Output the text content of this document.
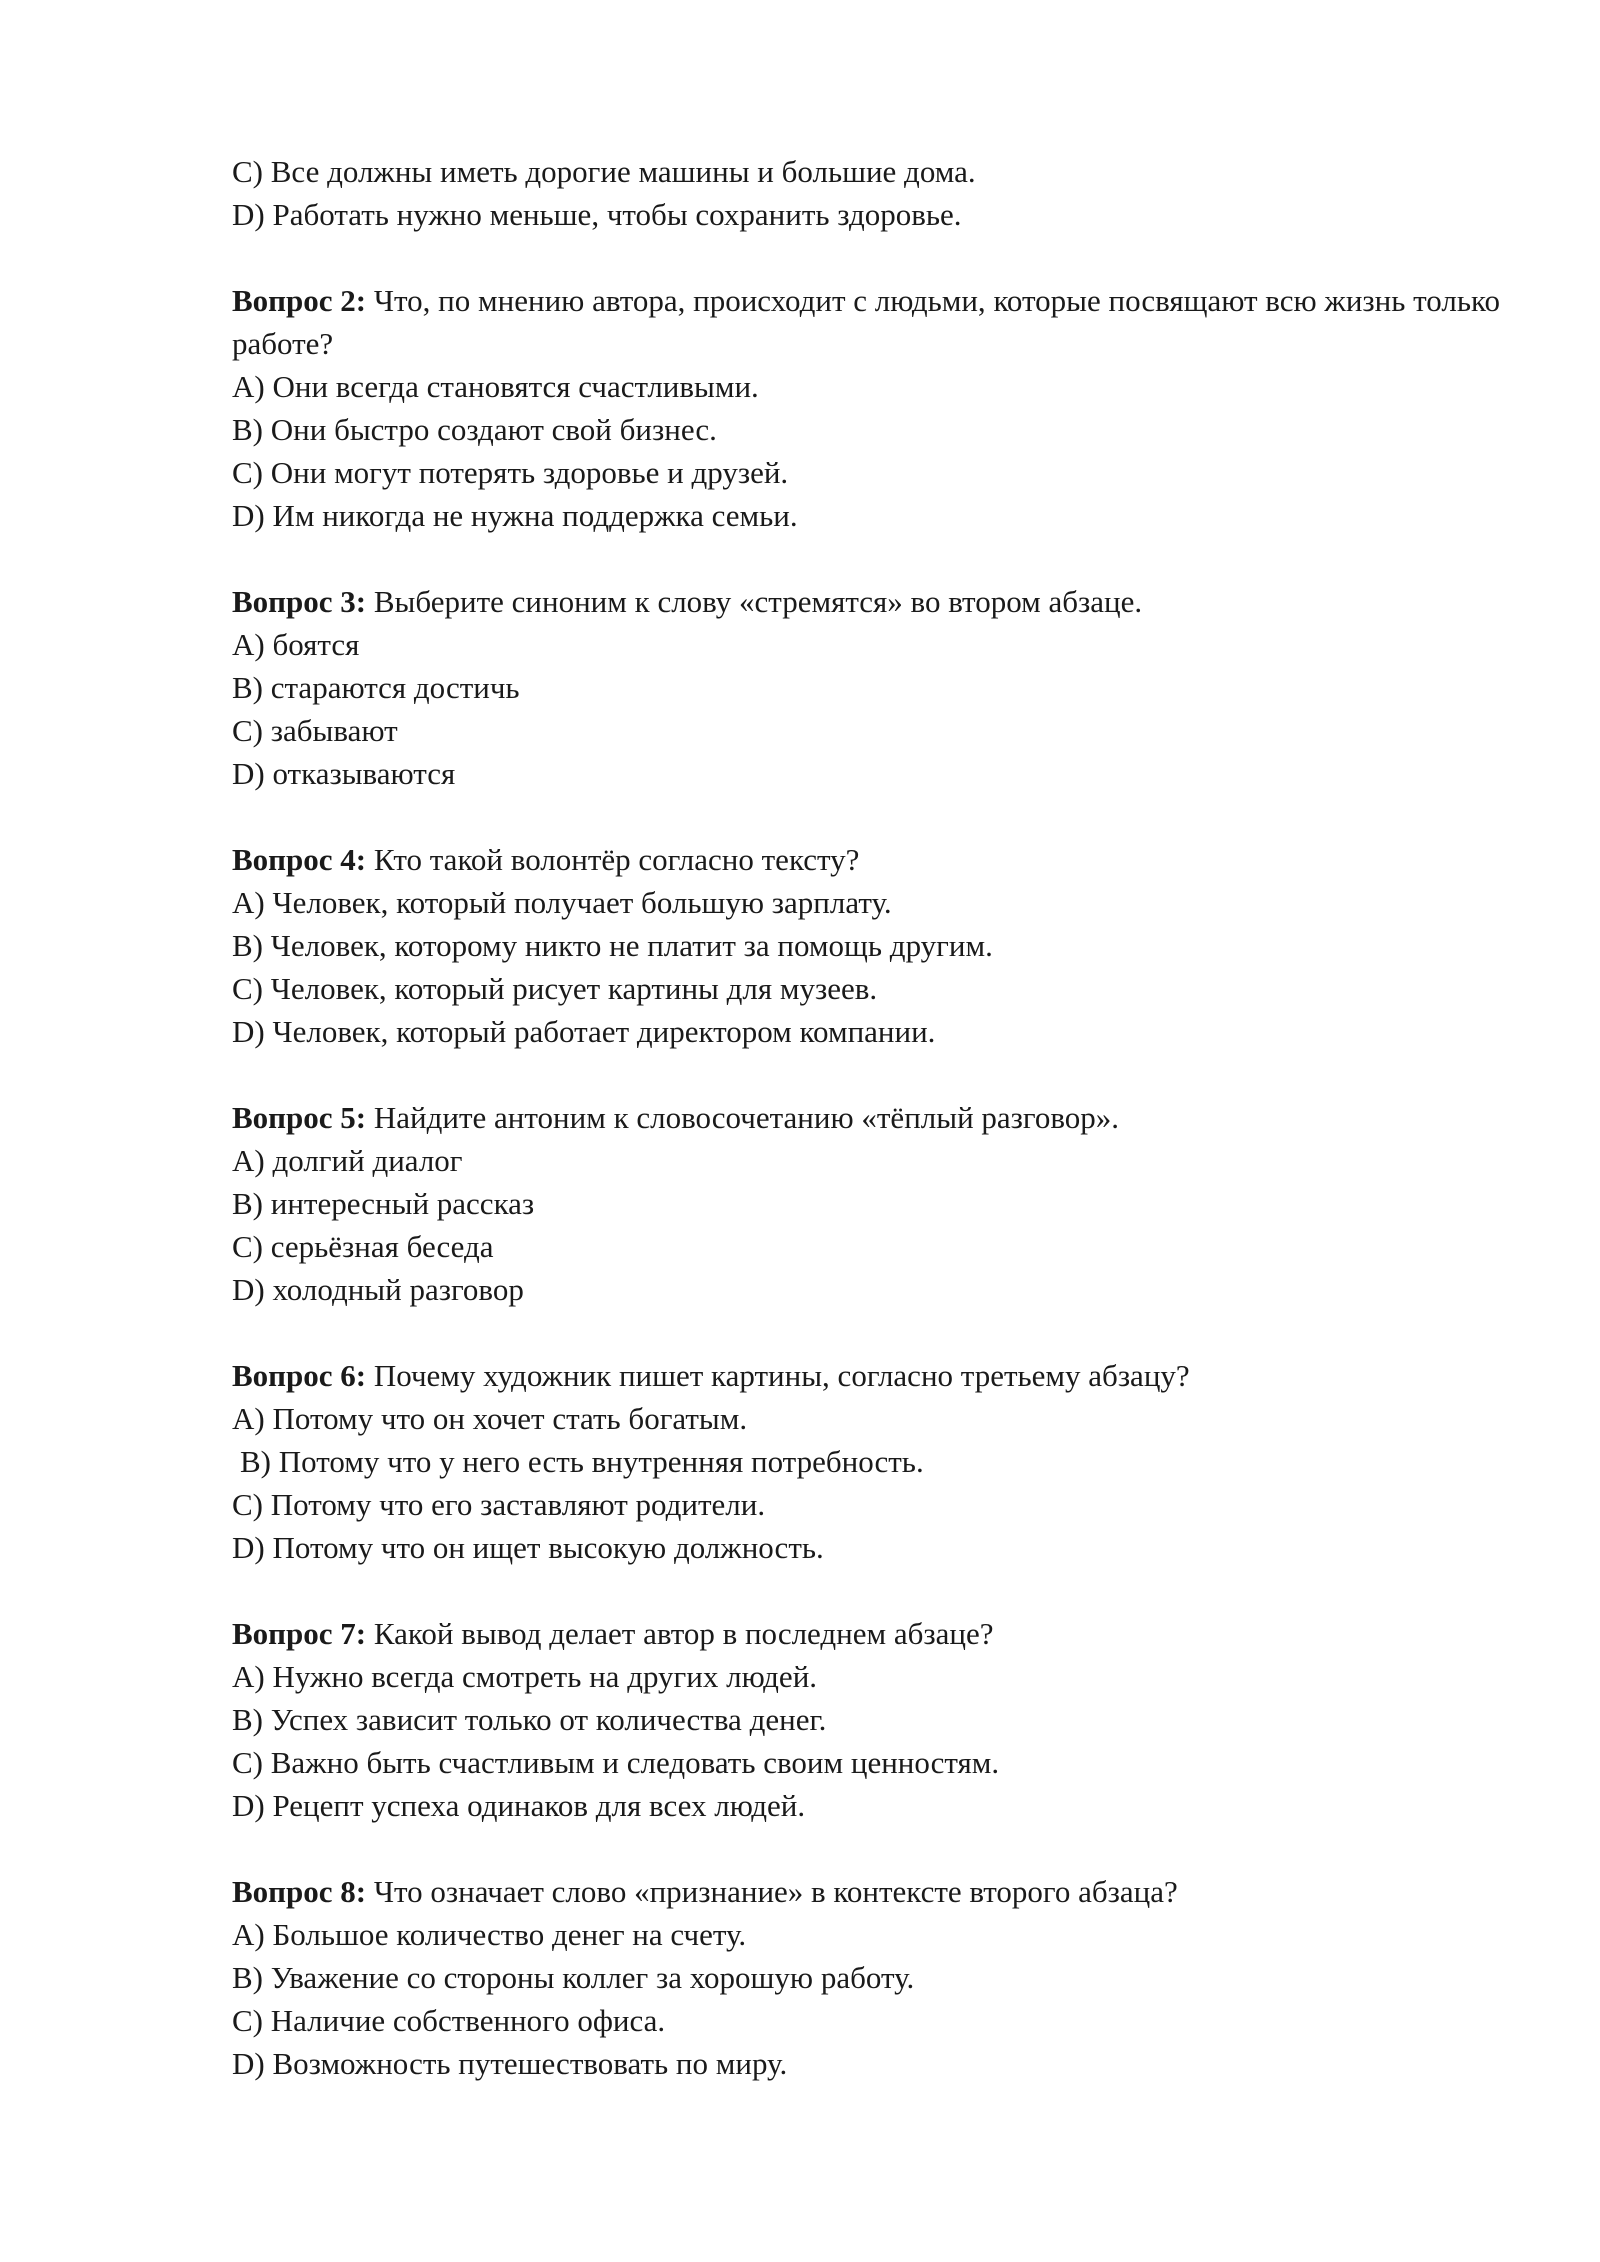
C) Все должны иметь дорогие машины и большие дома.

D) Работать нужно меньше, чтобы сохранить здоровье.

Вопрос 2: Что, по мнению автора, происходит с людьми, которые посвящают всю жизнь только работе?

A) Они всегда становятся счастливыми.

B) Они быстро создают свой бизнес.

C) Они могут потерять здоровье и друзей.

D) Им никогда не нужна поддержка семьи.

Вопрос 3: Выберите синоним к слову «стремятся» во втором абзаце.

A) боятся

B) стараются достичь

C) забывают

D) отказываются

Вопрос 4: Кто такой волонтёр согласно тексту?

A) Человек, который получает большую зарплату.

B) Человек, которому никто не платит за помощь другим.

C) Человек, который рисует картины для музеев.

D) Человек, который работает директором компании.

Вопрос 5: Найдите антоним к словосочетанию «тёплый разговор».

A) долгий диалог

B) интересный рассказ

C) серьёзная беседа

D) холодный разговор

Вопрос 6: Почему художник пишет картины, согласно третьему абзацу?

A) Потому что он хочет стать богатым.

B) Потому что у него есть внутренняя потребность.

C) Потому что его заставляют родители.

D) Потому что он ищет высокую должность.

Вопрос 7: Какой вывод делает автор в последнем абзаце?

A) Нужно всегда смотреть на других людей.

B) Успех зависит только от количества денег.

C) Важно быть счастливым и следовать своим ценностям.

D) Рецепт успеха одинаков для всех людей.

Вопрос 8: Что означает слово «признание» в контексте второго абзаца?

A) Большое количество денег на счету.

B) Уважение со стороны коллег за хорошую работу.

C) Наличие собственного офиса.

D) Возможность путешествовать по миру.
